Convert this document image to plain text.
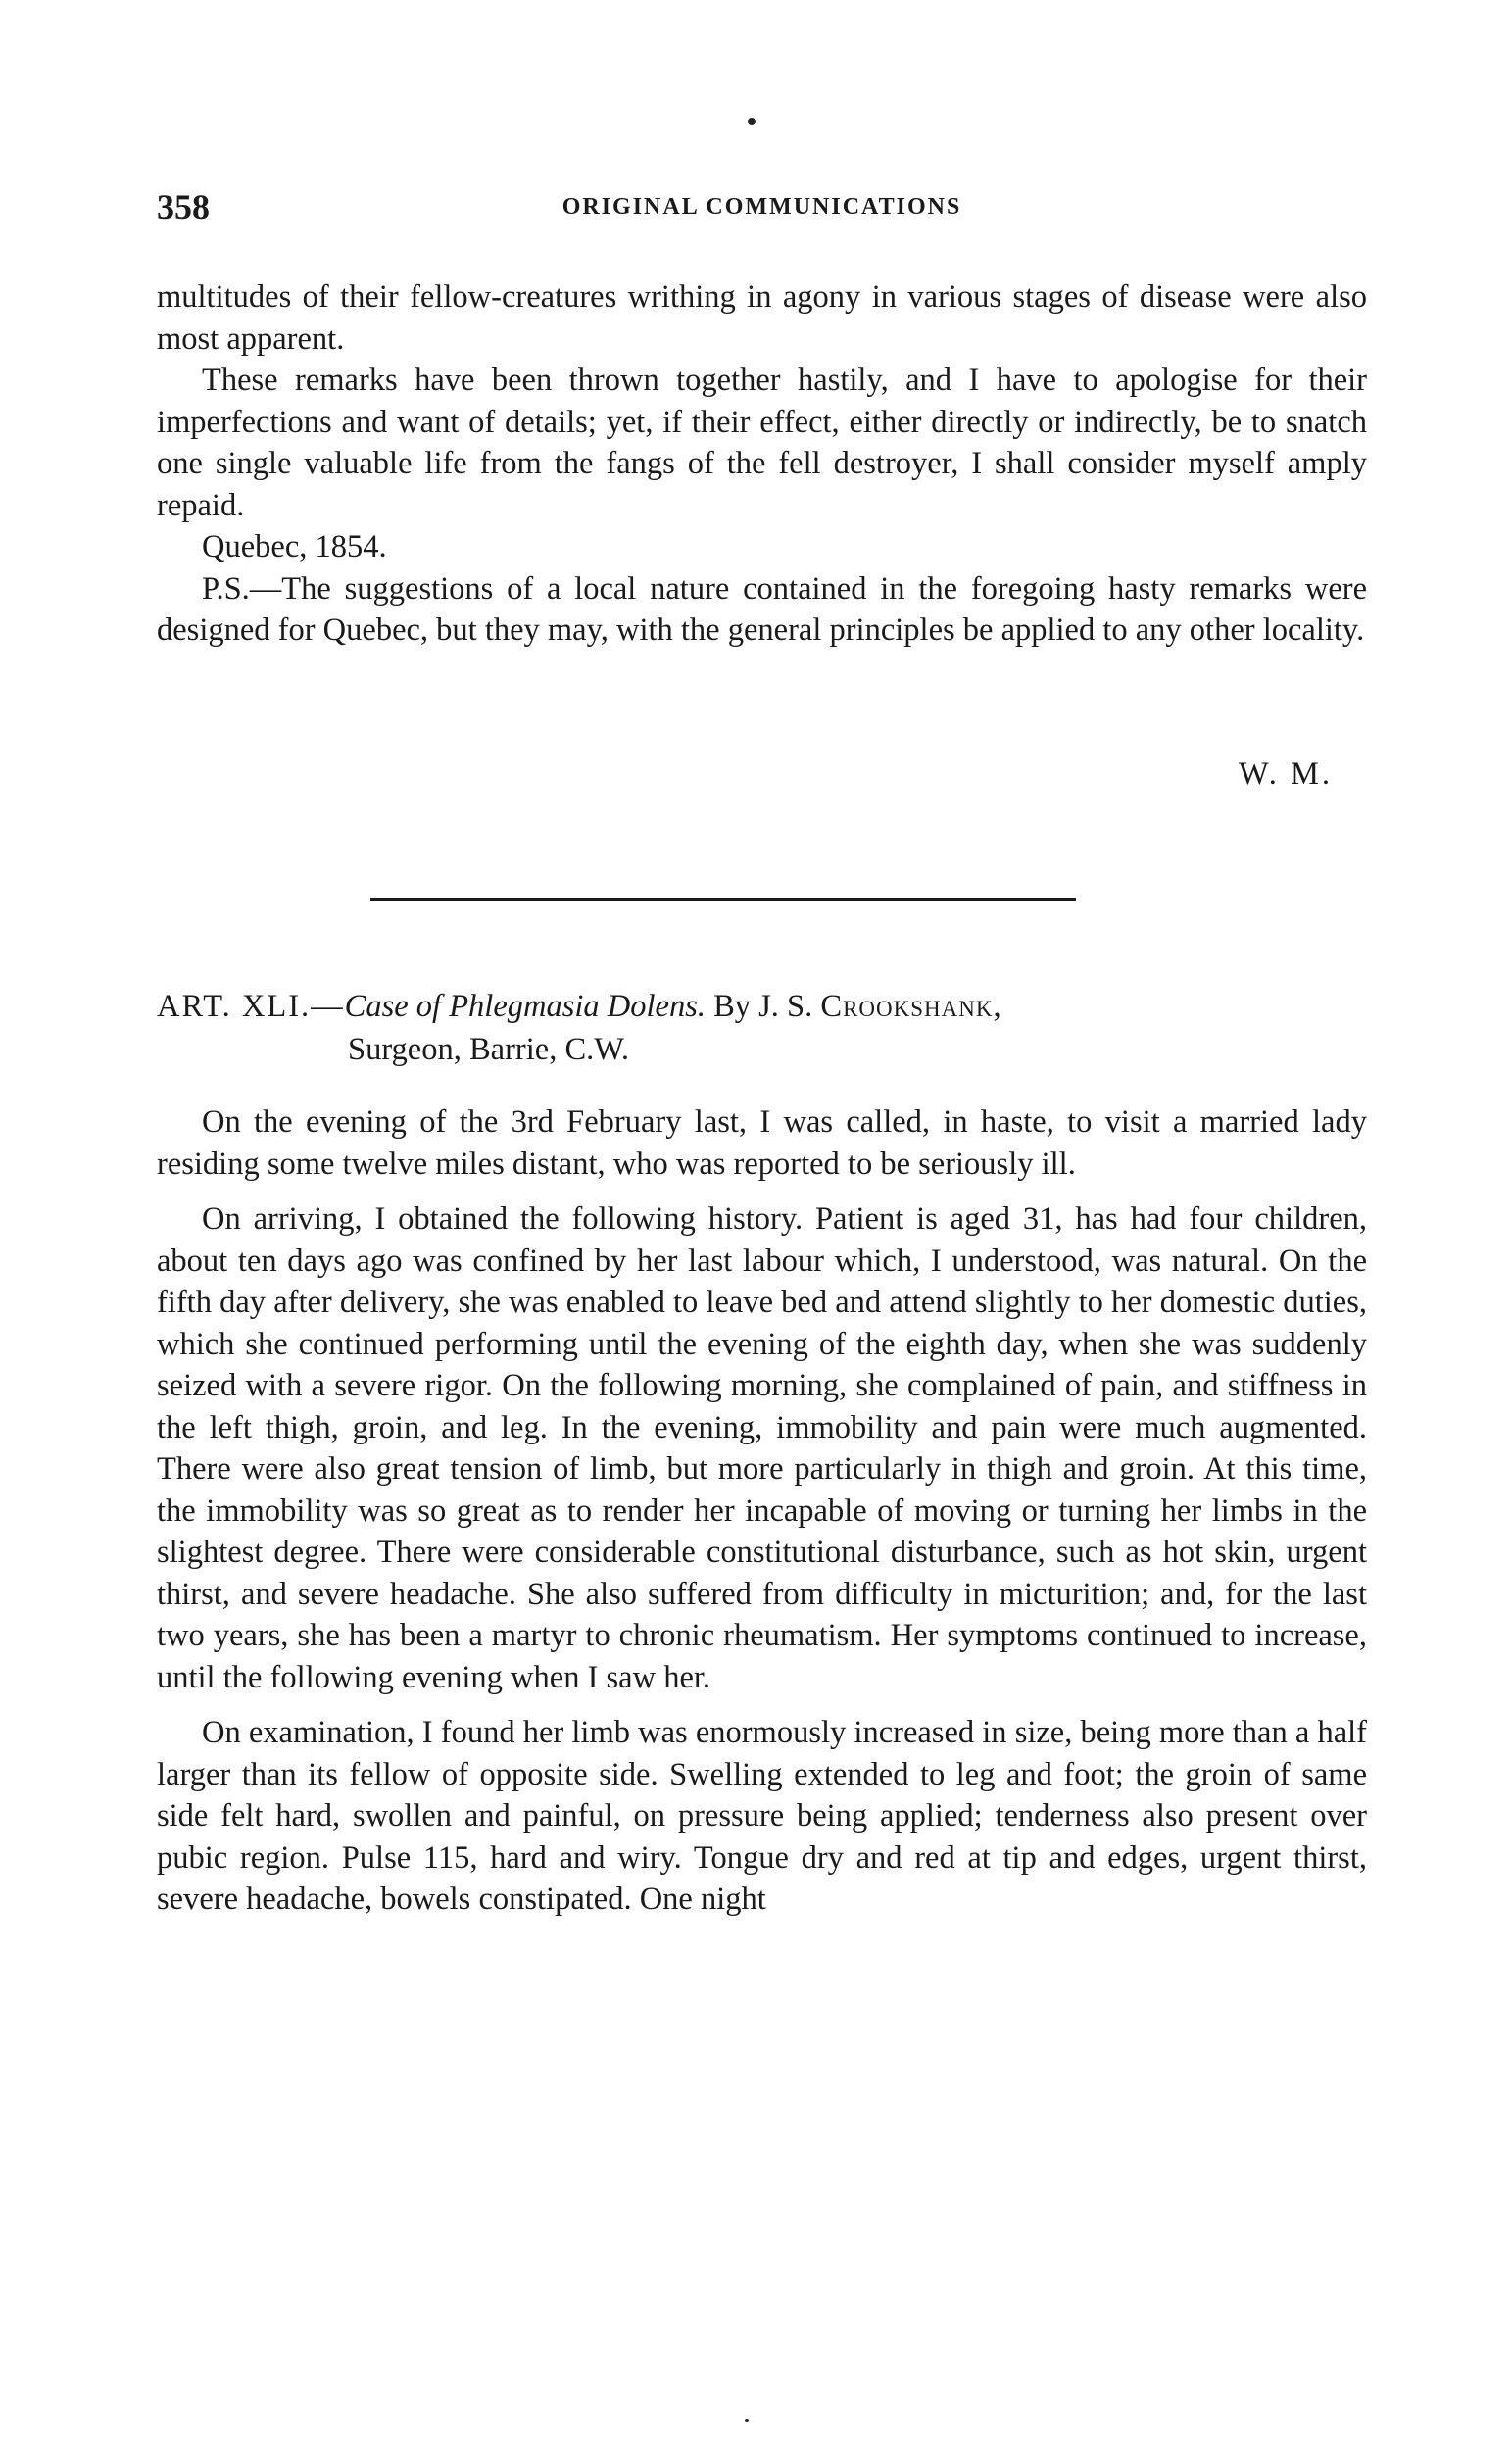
358	ORIGINAL COMMUNICATIONS

multitudes of their fellow-creatures writhing in agony in various stages of disease were also most apparent.

These remarks have been thrown together hastily, and I have to apologise for their imperfections and want of details; yet, if their effect, either directly or indirectly, be to snatch one single valuable life from the fangs of the fell destroyer, I shall consider myself amply repaid.

Quebec, 1854.

P.S.—The suggestions of a local nature contained in the foregoing hasty remarks were designed for Quebec, but they may, with the general principles be applied to any other locality.

W. M.
ART. XLI.—Case of Phlegmasia Dolens. By J. S. Crookshank,
Surgeon, Barrie, C.W.

On the evening of the 3rd February last, I was called, in haste, to visit a married lady residing some twelve miles distant, who was reported to be seriously ill.

On arriving, I obtained the following history. Patient is aged 31, has had four children, about ten days ago was confined by her last labour which, I understood, was natural. On the fifth day after delivery, she was enabled to leave bed and attend slightly to her domestic duties, which she continued performing until the evening of the eighth day, when she was suddenly seized with a severe rigor. On the following morning, she complained of pain, and stiffness in the left thigh, groin, and leg. In the evening, immobility and pain were much augmented. There were also great tension of limb, but more particularly in thigh and groin. At this time, the immobility was so great as to render her incapable of moving or turning her limbs in the slightest degree. There were considerable constitutional disturbance, such as hot skin, urgent thirst, and severe headache. She also suffered from difficulty in micturition; and, for the last two years, she has been a martyr to chronic rheumatism. Her symptoms continued to increase, until the following evening when I saw her.

On examination, I found her limb was enormously increased in size, being more than a half larger than its fellow of opposite side. Swelling extended to leg and foot; the groin of same side felt hard, swollen and painful, on pressure being applied; tenderness also present over pubic region. Pulse 115, hard and wiry. Tongue dry and red at tip and edges, urgent thirst, severe headache, bowels constipated. One night
